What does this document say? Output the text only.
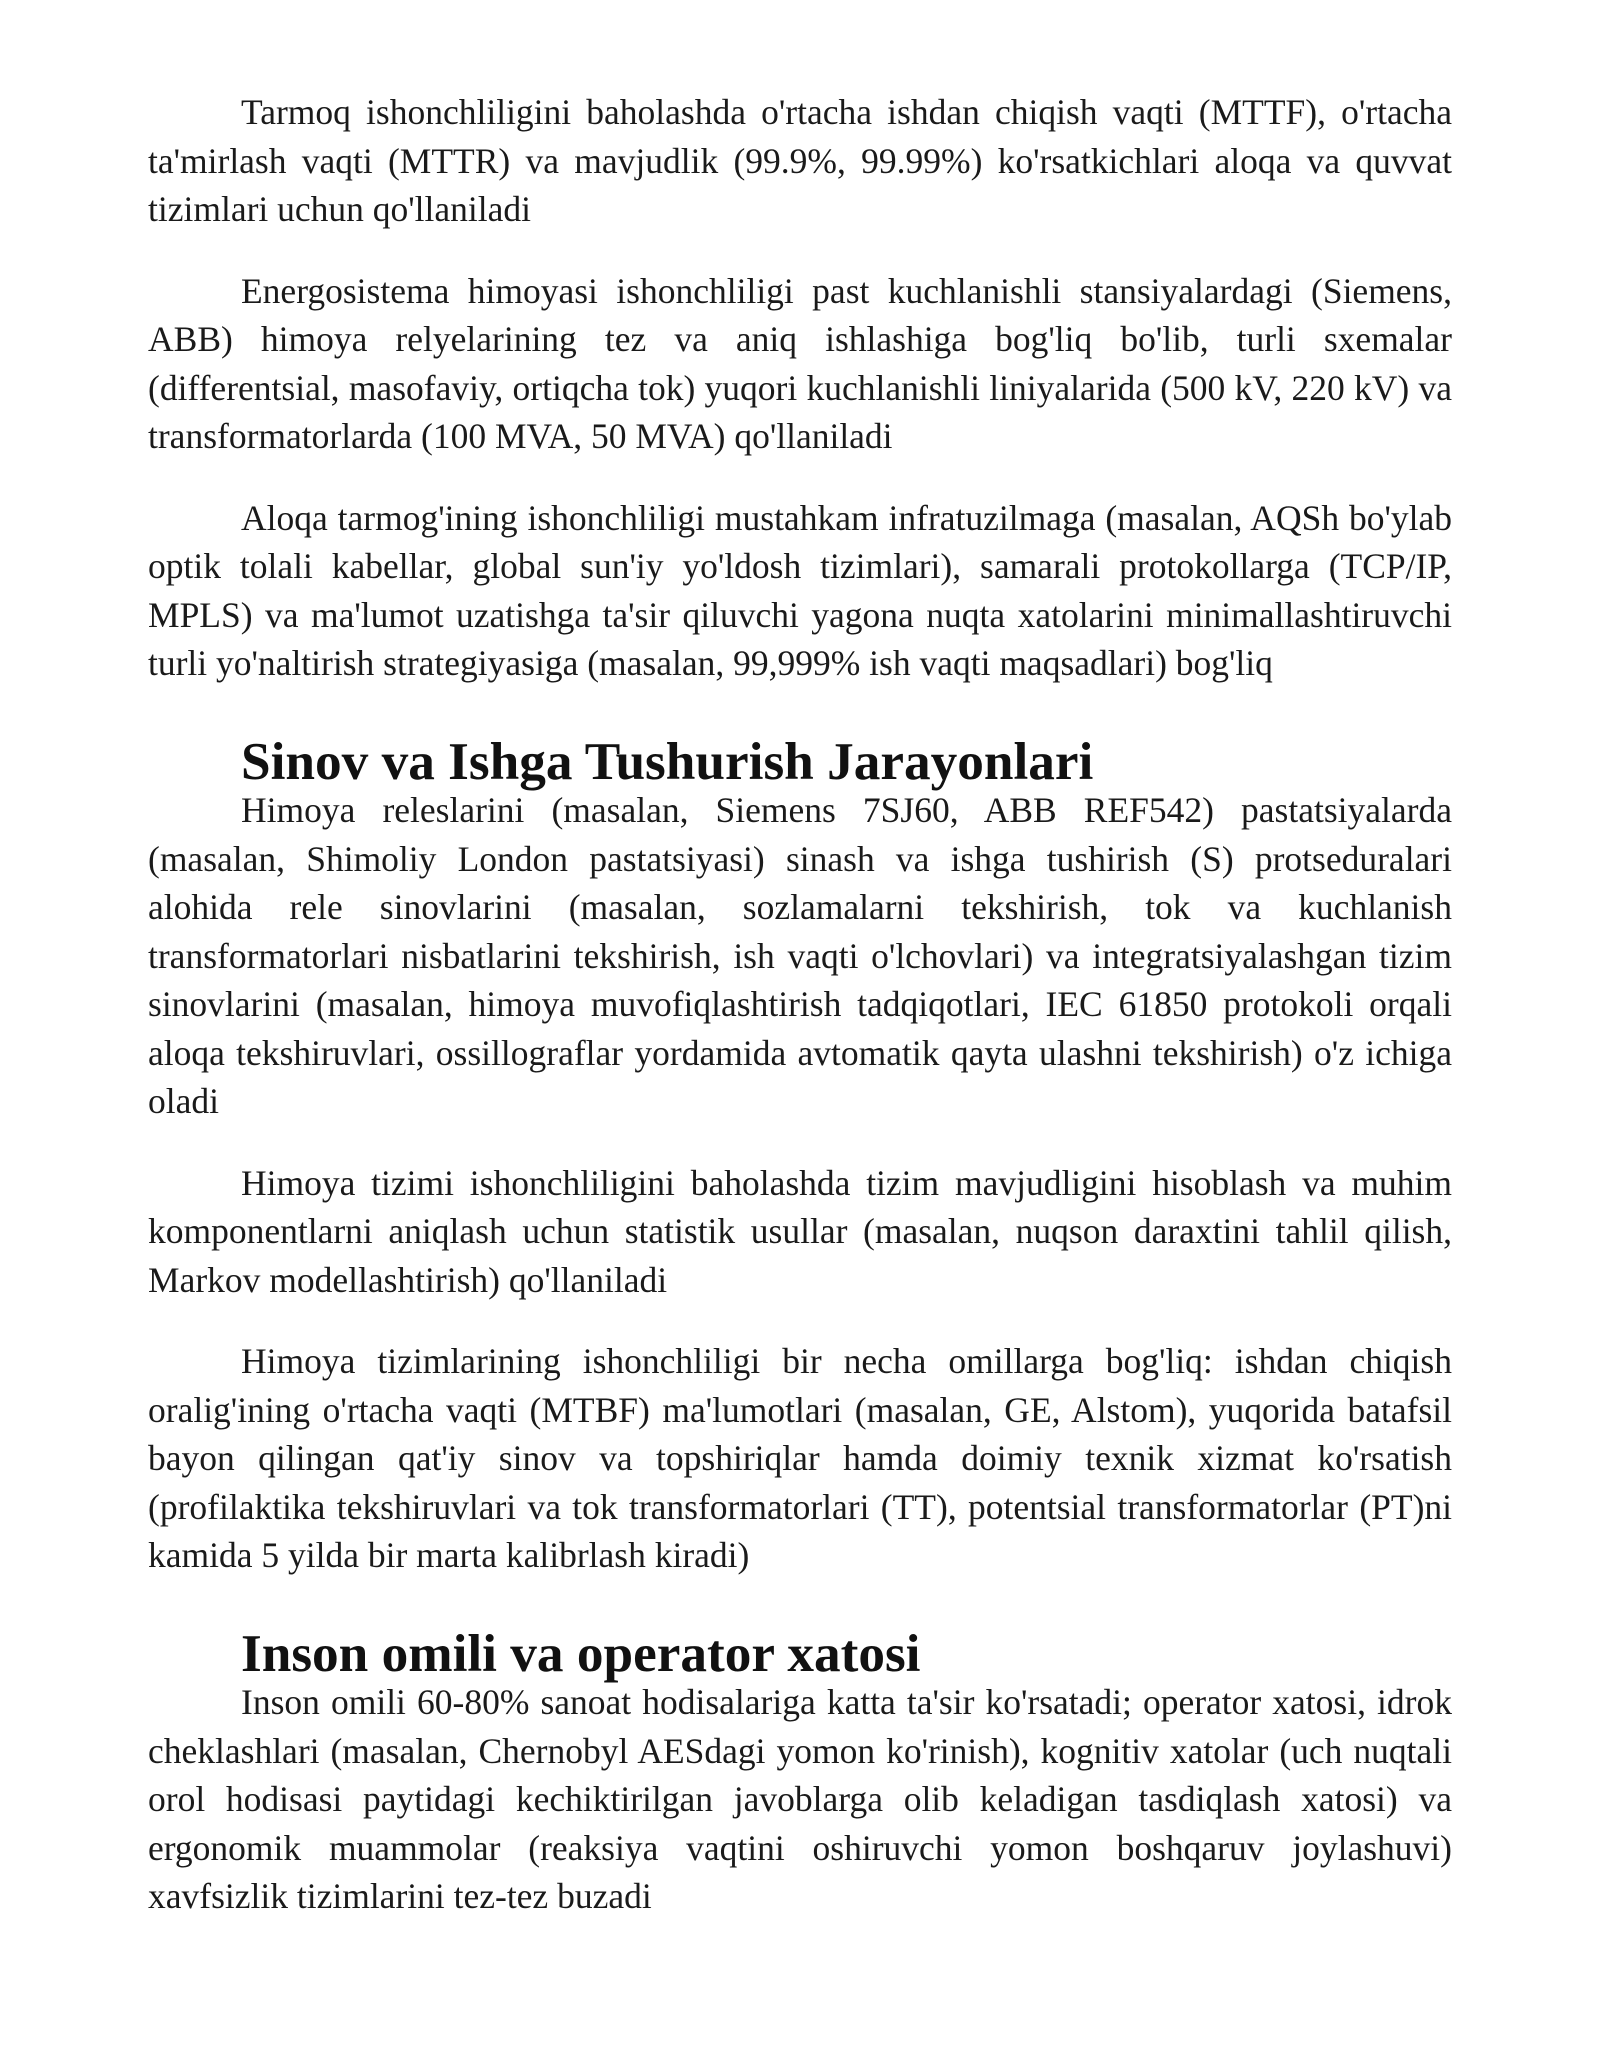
Tarmoq ishonchliligini baholashda o'rtacha ishdan chiqish vaqti (MTTF), o'rtacha ta'mirlash vaqti (MTTR) va mavjudlik (99.9%, 99.99%) ko'rsatkichlari aloqa va quvvat tizimlari uchun qo'llaniladi

Energosistema himoyasi ishonchliligi past kuchlanishli stansiyalardagi (Siemens, ABB) himoya relyelarining tez va aniq ishlashiga bog'liq bo'lib, turli sxemalar (differentsial, masofaviy, ortiqcha tok) yuqori kuchlanishli liniyalarida (500 kV, 220 kV) va transformatorlarda (100 MVA, 50 MVA) qo'llaniladi

Aloqa tarmog'ining ishonchliligi mustahkam infratuzilmaga (masalan, AQSh bo'ylab optik tolali kabellar, global sun'iy yo'ldosh tizimlari), samarali protokollarga (TCP/IP, MPLS) va ma'lumot uzatishga ta'sir qiluvchi yagona nuqta xatolarini minimallashtiruvchi turli yo'naltirish strategiyasiga (masalan, 99,999% ish vaqti maqsadlari) bog'liq

Sinov va Ishga Tushurish Jarayonlari

Himoya releslarini (masalan, Siemens 7SJ60, ABB REF542) pastatsiyalarda (masalan, Shimoliy London pastatsiyasi) sinash va ishga tushirish (S) protseduralari alohida rele sinovlarini (masalan, sozlamalarni tekshirish, tok va kuchlanish transformatorlari nisbatlarini tekshirish, ish vaqti o'lchovlari) va integratsiyalashgan tizim sinovlarini (masalan, himoya muvofiqlashtirish tadqiqotlari, IEC 61850 protokoli orqali aloqa tekshiruvlari, ossillograflar yordamida avtomatik qayta ulashni tekshirish) o'z ichiga oladi

Himoya tizimi ishonchliligini baholashda tizim mavjudligini hisoblash va muhim komponentlarni aniqlash uchun statistik usullar (masalan, nuqson daraxtini tahlil qilish, Markov modellashtirish) qo'llaniladi

Himoya tizimlarining ishonchliligi bir necha omillarga bog'liq: ishdan chiqish oralig'ining o'rtacha vaqti (MTBF) ma'lumotlari (masalan, GE, Alstom), yuqorida batafsil bayon qilingan qat'iy sinov va topshiriqlar hamda doimiy texnik xizmat ko'rsatish (profilaktika tekshiruvlari va tok transformatorlari (TT), potentsial transformatorlar (PT)ni kamida 5 yilda bir marta kalibrlash kiradi)

Inson omili va operator xatosi

Inson omili 60-80% sanoat hodisalariga katta ta'sir ko'rsatadi; operator xatosi, idrok cheklashlari (masalan, Chernobyl AESdagi yomon ko'rinish), kognitiv xatolar (uch nuqtali orol hodisasi paytidagi kechiktirilgan javoblarga olib keladigan tasdiqlash xatosi) va ergonomik muammolar (reaksiya vaqtini oshiruvchi yomon boshqaruv joylashuvi) xavfsizlik tizimlarini tez-tez buzadi
